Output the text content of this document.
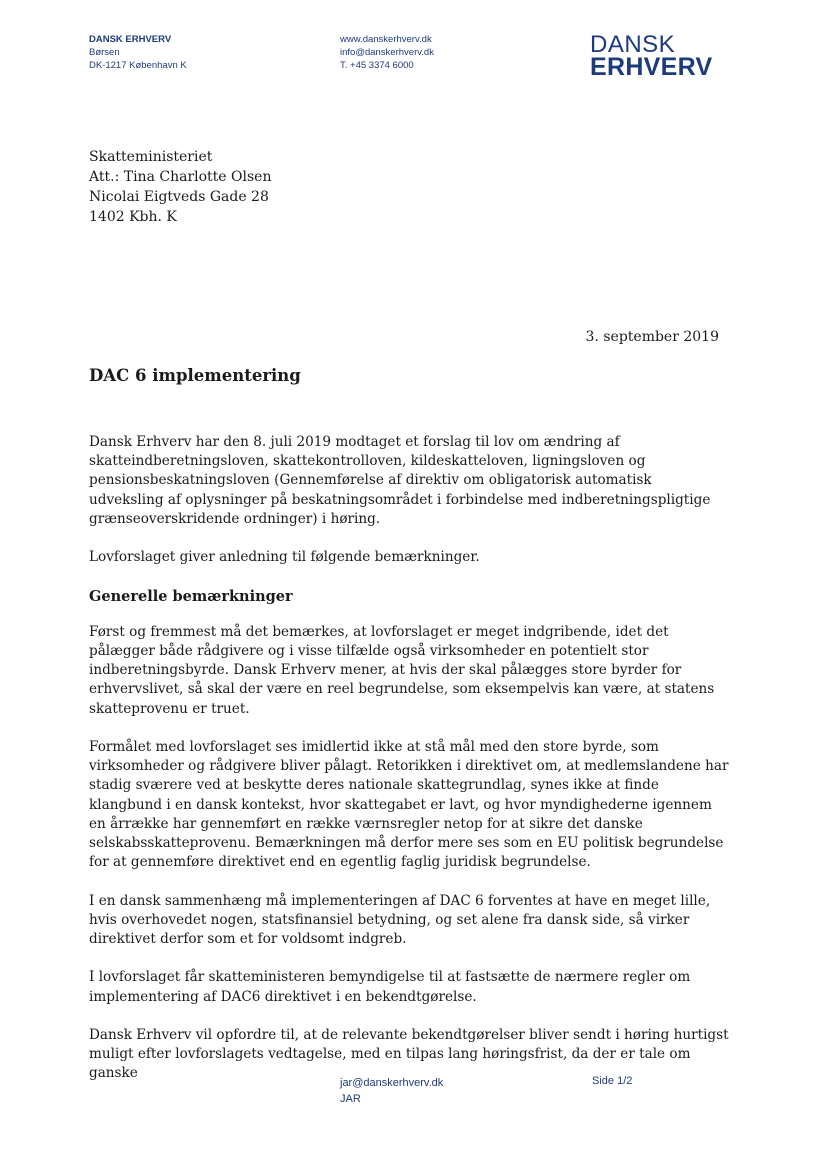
DANSK ERHVERV
Børsen
DK-1217 København K
www.danskerhverv.dk
info@danskerhverv.dk
T. +45 3374 6000
DANSK
ERHVERV
Skatteministeriet
Att.: Tina Charlotte Olsen
Nicolai Eigtveds Gade 28
1402 Kbh. K
3. september 2019
DAC 6 implementering

Dansk Erhverv har den 8. juli 2019 modtaget et forslag til lov om ændring af skatteindberetningsloven, skattekontrolloven, kildeskatteloven, ligningsloven og pensionsbeskatningsloven (Gennemførelse af direktiv om obligatorisk automatisk udveksling af oplysninger på beskatningsområdet i forbindelse med indberetningspligtige grænseoverskridende ordninger) i høring.

Lovforslaget giver anledning til følgende bemærkninger.

Generelle bemærkninger

Først og fremmest må det bemærkes, at lovforslaget er meget indgribende, idet det pålægger både rådgivere og i visse tilfælde også virksomheder en potentielt stor indberetningsbyrde. Dansk Erhverv mener, at hvis der skal pålægges store byrder for erhvervslivet, så skal der være en reel begrundelse, som eksempelvis kan være, at statens skatteprovenu er truet.

Formålet med lovforslaget ses imidlertid ikke at stå mål med den store byrde, som virksomheder og rådgivere bliver pålagt. Retorikken i direktivet om, at medlemslandene har stadig sværere ved at beskytte deres nationale skattegrundlag, synes ikke at finde klangbund i en dansk kontekst, hvor skattegabet er lavt, og hvor myndighederne igennem en årrække har gennemført en række værnsregler netop for at sikre det danske selskabsskatteprovenu. Bemærkningen må derfor mere ses som en EU politisk begrundelse for at gennemføre direktivet end en egentlig faglig juridisk begrundelse.

I en dansk sammenhæng må implementeringen af DAC 6 forventes at have en meget lille, hvis overhovedet nogen, statsfinansiel betydning, og set alene fra dansk side, så virker direktivet derfor som et for voldsomt indgreb.

I lovforslaget får skatteministeren bemyndigelse til at fastsætte de nærmere regler om implementering af DAC6 direktivet i en bekendtgørelse.

Dansk Erhverv vil opfordre til, at de relevante bekendtgørelser bliver sendt i høring hurtigst muligt efter lovforslagets vedtagelse, med en tilpas lang høringsfrist, da der er tale om ganske

jar@danskerhverv.dk
JAR
Side 1/2
